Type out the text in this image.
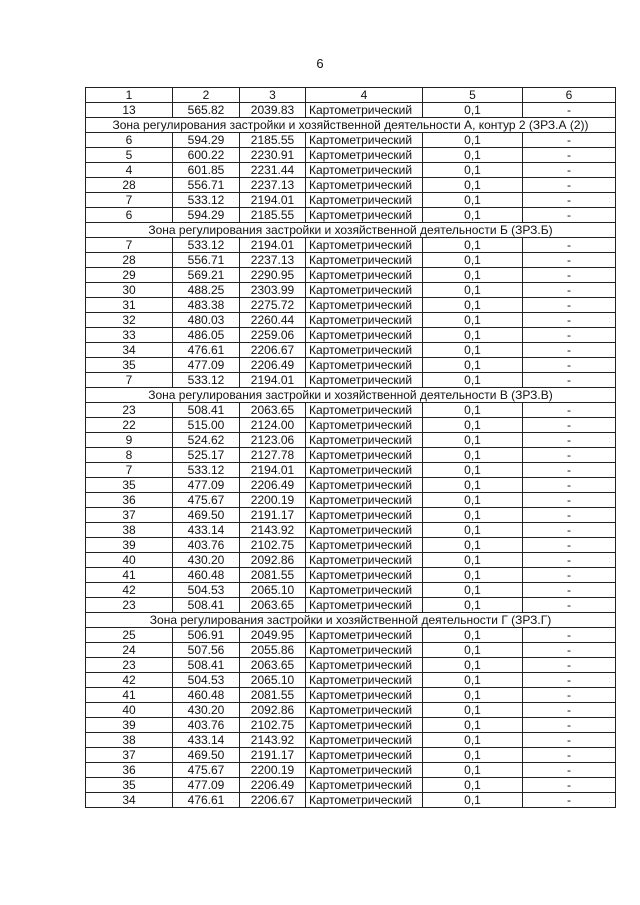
6
1	2	3	4	5	6
13	565.82	2039.83	Картометрический	0,1	-
Зона регулирования застройки и хозяйственной деятельности А, контур 2 (ЗРЗ.А (2))					
6	594.29	2185.55	Картометрический	0,1	-
5	600.22	2230.91	Картометрический	0,1	-
4	601.85	2231.44	Картометрический	0,1	-
28	556.71	2237.13	Картометрический	0,1	-
7	533.12	2194.01	Картометрический	0,1	-
6	594.29	2185.55	Картометрический	0,1	-
Зона регулирования застройки и хозяйственной деятельности Б (ЗРЗ.Б)					
7	533.12	2194.01	Картометрический	0,1	-
28	556.71	2237.13	Картометрический	0,1	-
29	569.21	2290.95	Картометрический	0,1	-
30	488.25	2303.99	Картометрический	0,1	-
31	483.38	2275.72	Картометрический	0,1	-
32	480.03	2260.44	Картометрический	0,1	-
33	486.05	2259.06	Картометрический	0,1	-
34	476.61	2206.67	Картометрический	0,1	-
35	477.09	2206.49	Картометрический	0,1	-
7	533.12	2194.01	Картометрический	0,1	-
Зона регулирования застройки и хозяйственной деятельности В (ЗРЗ.В)					
23	508.41	2063.65	Картометрический	0,1	-
22	515.00	2124.00	Картометрический	0,1	-
9	524.62	2123.06	Картометрический	0,1	-
8	525.17	2127.78	Картометрический	0,1	-
7	533.12	2194.01	Картометрический	0,1	-
35	477.09	2206.49	Картометрический	0,1	-
36	475.67	2200.19	Картометрический	0,1	-
37	469.50	2191.17	Картометрический	0,1	-
38	433.14	2143.92	Картометрический	0,1	-
39	403.76	2102.75	Картометрический	0,1	-
40	430.20	2092.86	Картометрический	0,1	-
41	460.48	2081.55	Картометрический	0,1	-
42	504.53	2065.10	Картометрический	0,1	-
23	508.41	2063.65	Картометрический	0,1	-
Зона регулирования застройки и хозяйственной деятельности Г (ЗРЗ.Г)					
25	506.91	2049.95	Картометрический	0,1	-
24	507.56	2055.86	Картометрический	0,1	-
23	508.41	2063.65	Картометрический	0,1	-
42	504.53	2065.10	Картометрический	0,1	-
41	460.48	2081.55	Картометрический	0,1	-
40	430.20	2092.86	Картометрический	0,1	-
39	403.76	2102.75	Картометрический	0,1	-
38	433.14	2143.92	Картометрический	0,1	-
37	469.50	2191.17	Картометрический	0,1	-
36	475.67	2200.19	Картометрический	0,1	-
35	477.09	2206.49	Картометрический	0,1	-
34	476.61	2206.67	Картометрический	0,1	-
